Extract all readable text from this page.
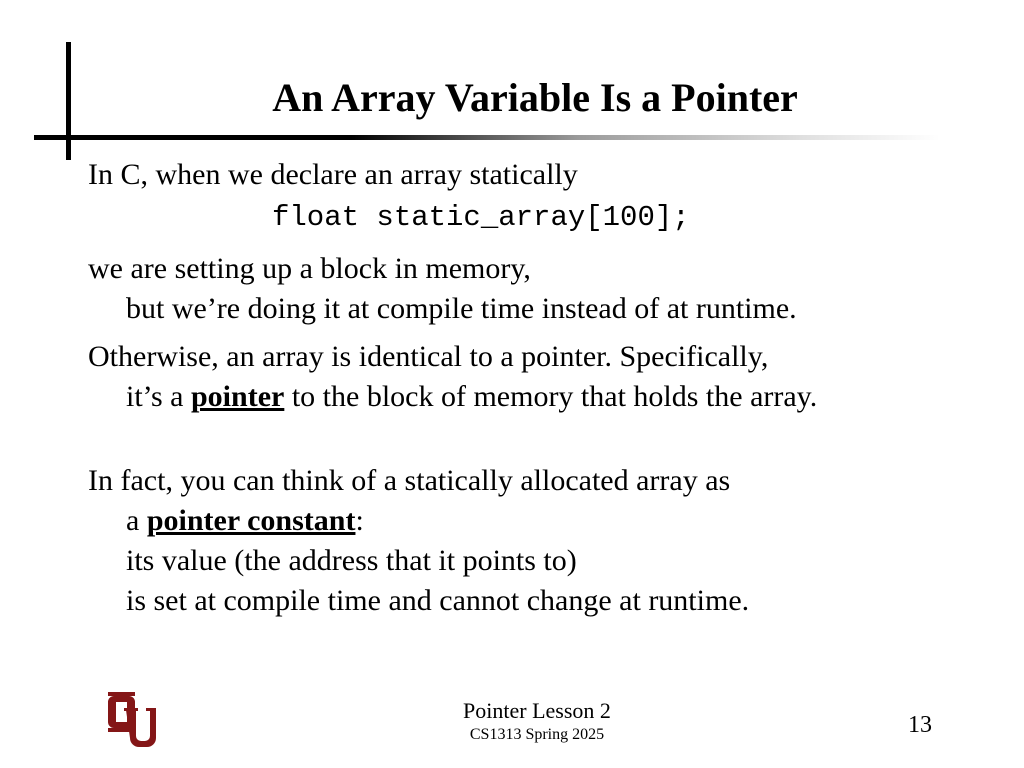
An Array Variable Is a Pointer
In C, when we declare an array statically
float static_array[100];
we are setting up a block in memory,
but we’re doing it at compile time instead of at runtime.
Otherwise, an array is identical to a pointer. Specifically,
it’s a pointer to the block of memory that holds the array.
In fact, you can think of a statically allocated array as
a pointer constant:
its value (the address that it points to)
is set at compile time and cannot change at runtime.
Pointer Lesson 2
CS1313 Spring 2025	13
